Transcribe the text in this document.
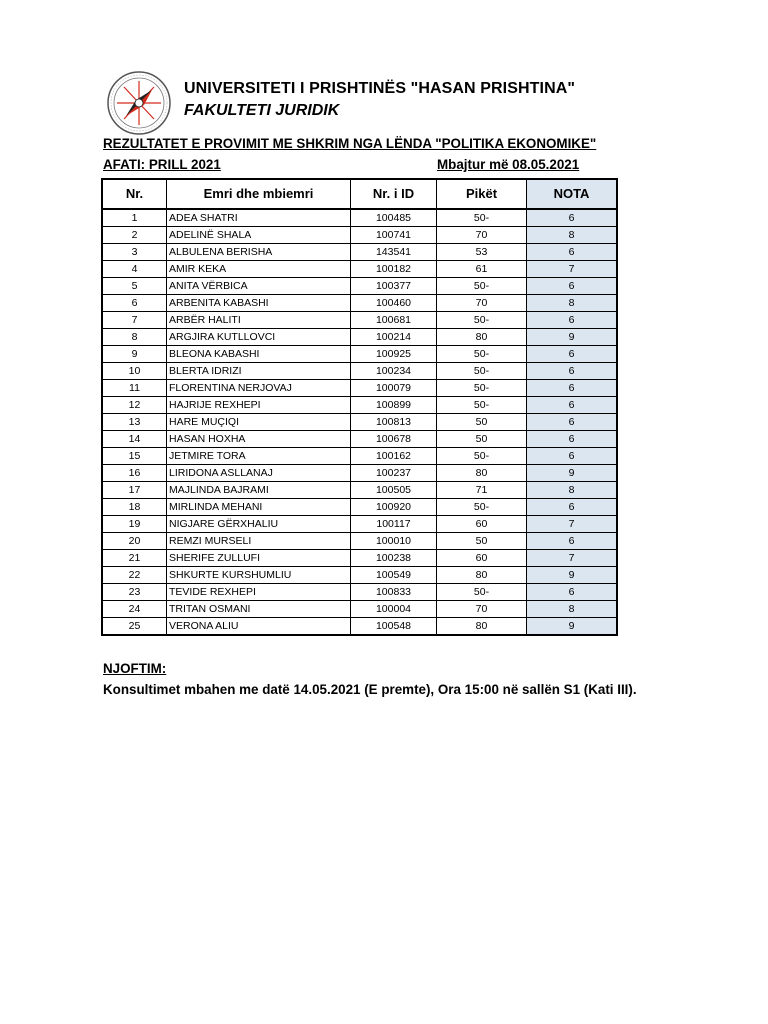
UNIVERSITETI I PRISHTINËS "HASAN PRISHTINA"
FAKULTETI JURIDIK
REZULTATET E PROVIMIT ME SHKRIM NGA LËNDA "POLITIKA EKONOMIKE"
AFATI: PRILL 2021	Mbajtur më 08.05.2021
Nr.	Emri dhe mbiemri	Nr. i ID	Pikët	NOTA
1	ADEA SHATRI	100485	50-	6
2	ADELINË SHALA	100741	70	8
3	ALBULENA BERISHA	143541	53	6
4	AMIR KEKA	100182	61	7
5	ANITA VËRBICA	100377	50-	6
6	ARBENITA KABASHI	100460	70	8
7	ARBËR HALITI	100681	50-	6
8	ARGJIRA KUTLLOVCI	100214	80	9
9	BLEONA KABASHI	100925	50-	6
10	BLERTA IDRIZI	100234	50-	6
11	FLORENTINA NERJOVAJ	100079	50-	6
12	HAJRIJE REXHEPI	100899	50-	6
13	HARE MUÇIQI	100813	50	6
14	HASAN HOXHA	100678	50	6
15	JETMIRE TORA	100162	50-	6
16	LIRIDONA ASLLANAJ	100237	80	9
17	MAJLINDA BAJRAMI	100505	71	8
18	MIRLINDA MEHANI	100920	50-	6
19	NIGJARE GËRXHALIU	100117	60	7
20	REMZI MURSELI	100010	50	6
21	SHERIFE ZULLUFI	100238	60	7
22	SHKURTE KURSHUMLIU	100549	80	9
23	TEVIDE REXHEPI	100833	50-	6
24	TRITAN OSMANI	100004	70	8
25	VERONA ALIU	100548	80	9
NJOFTIM:
Konsultimet mbahen me datë 14.05.2021 (E premte), Ora 15:00 në sallën S1 (Kati III).
